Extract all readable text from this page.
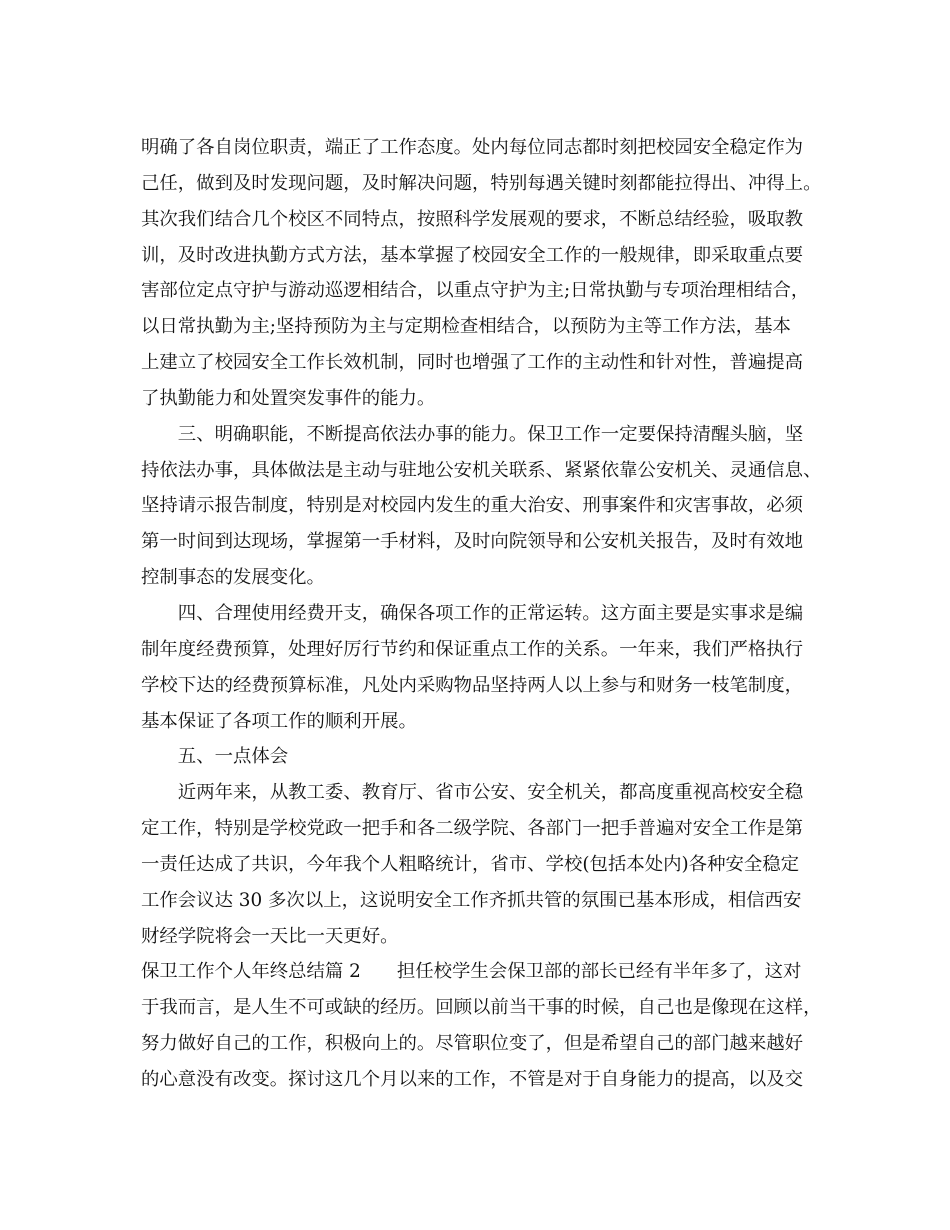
明确了各自岗位职责，端正了工作态度。处内每位同志都时刻把校园安全稳定作为
己任，做到及时发现问题，及时解决问题，特别每遇关键时刻都能拉得出、冲得上。
其次我们结合几个校区不同特点，按照科学发展观的要求，不断总结经验，吸取教
训，及时改进执勤方式方法，基本掌握了校园安全工作的一般规律，即采取重点要
害部位定点守护与游动巡逻相结合，以重点守护为主;日常执勤与专项治理相结合，
以日常执勤为主;坚持预防为主与定期检查相结合，以预防为主等工作方法，基本
上建立了校园安全工作长效机制，同时也增强了工作的主动性和针对性，普遍提高
了执勤能力和处置突发事件的能力。
三、明确职能，不断提高依法办事的能力。保卫工作一定要保持清醒头脑，坚
持依法办事，具体做法是主动与驻地公安机关联系、紧紧依靠公安机关、灵通信息、
坚持请示报告制度，特别是对校园内发生的重大治安、刑事案件和灾害事故，必须
第一时间到达现场，掌握第一手材料，及时向院领导和公安机关报告，及时有效地
控制事态的发展变化。
四、合理使用经费开支，确保各项工作的正常运转。这方面主要是实事求是编
制年度经费预算，处理好厉行节约和保证重点工作的关系。一年来，我们严格执行
学校下达的经费预算标准，凡处内采购物品坚持两人以上参与和财务一枝笔制度，
基本保证了各项工作的顺利开展。
五、一点体会
近两年来，从教工委、教育厅、省市公安、安全机关，都高度重视高校安全稳
定工作，特别是学校党政一把手和各二级学院、各部门一把手普遍对安全工作是第
一责任达成了共识，今年我个人粗略统计，省市、学校(包括本处内)各种安全稳定
工作会议达 30 多次以上，这说明安全工作齐抓共管的氛围已基本形成，相信西安
财经学院将会一天比一天更好。
保卫工作个人年终总结篇 2 担任校学生会保卫部的部长已经有半年多了，这对
于我而言，是人生不可或缺的经历。回顾以前当干事的时候，自己也是像现在这样，
努力做好自己的工作，积极向上的。尽管职位变了，但是希望自己的部门越来越好
的心意没有改变。探讨这几个月以来的工作，不管是对于自身能力的提高，以及交
